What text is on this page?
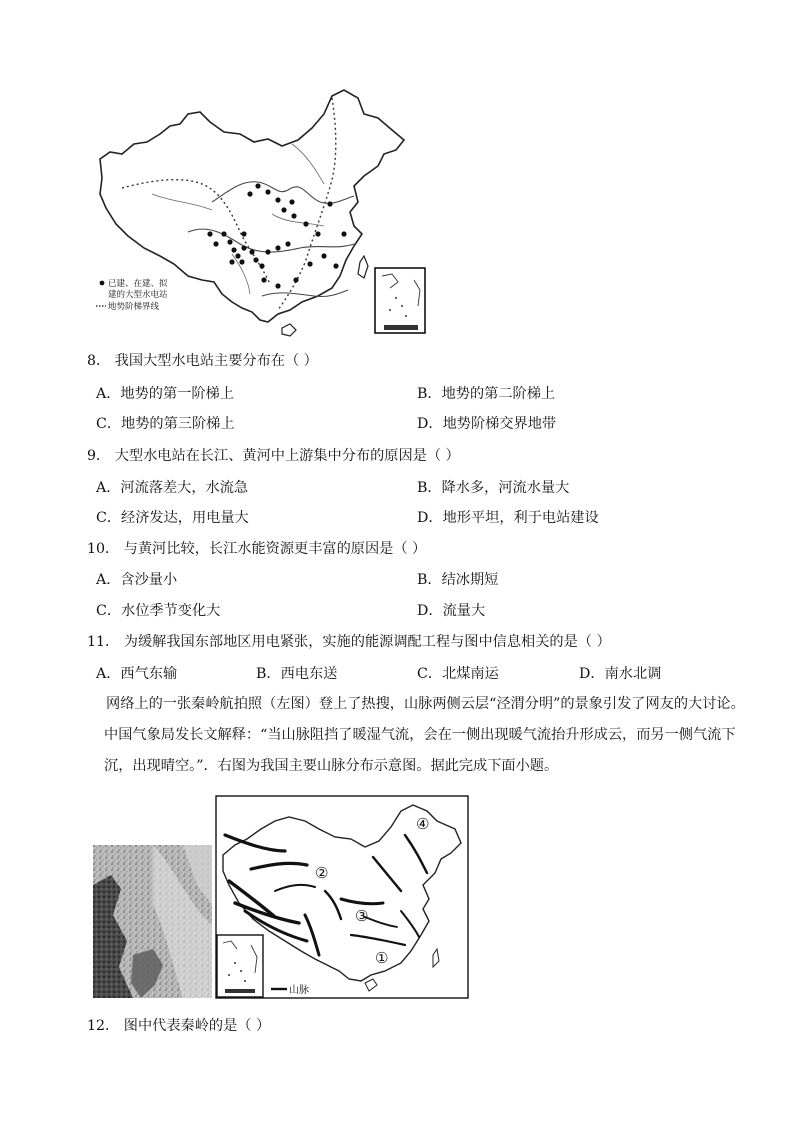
已建、在建、拟
建的大型水电站
地势阶梯界线
8． 我国大型水电站主要分布在（ ）
A．地势的第一阶梯上	B．地势的第二阶梯上
C．地势的第三阶梯上	D．地势阶梯交界地带
9． 大型水电站在长江、黄河中上游集中分布的原因是（ ）
A．河流落差大，水流急	B．降水多，河流水量大
C．经济发达，用电量大	D．地形平坦，利于电站建设
10． 与黄河比较，长江水能资源更丰富的原因是（ ）
A．含沙量小	B．结冰期短
C．水位季节变化大	D．流量大
11． 为缓解我国东部地区用电紧张，实施的能源调配工程与图中信息相关的是（ ）
A．西气东输	B．西电东送	C．北煤南运	D．南水北调
网络上的一张秦岭航拍照（左图）登上了热搜，山脉两侧云层“泾渭分明”的景象引发了网友的大讨论。
中国气象局发长文解释：“当山脉阻挡了暖湿气流，会在一侧出现暖气流抬升形成云，而另一侧气流下
沉，出现晴空。”．右图为我国主要山脉分布示意图。据此完成下面小题。
①
②
③
④
山脉
12． 图中代表秦岭的是（ ）
